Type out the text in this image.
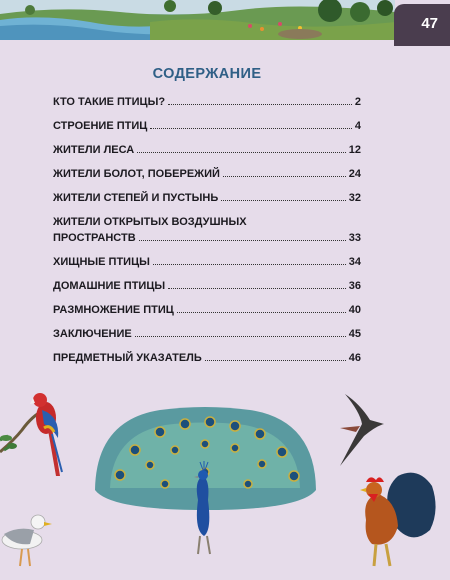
47
СОДЕРЖАНИЕ
КТО ТАКИЕ ПТИЦЫ?	2
СТРОЕНИЕ ПТИЦ	4
ЖИТЕЛИ ЛЕСА	12
ЖИТЕЛИ БОЛОТ, ПОБЕРЕЖИЙ	24
ЖИТЕЛИ СТЕПЕЙ И ПУСТЫНЬ	32
ЖИТЕЛИ ОТКРЫТЫХ ВОЗДУШНЫХ
ПРОСТРАНСТВ	33
ХИЩНЫЕ ПТИЦЫ	34
ДОМАШНИЕ ПТИЦЫ	36
РАЗМНОЖЕНИЕ ПТИЦ	40
ЗАКЛЮЧЕНИЕ	45
ПРЕДМЕТНЫЙ УКАЗАТЕЛЬ	46
